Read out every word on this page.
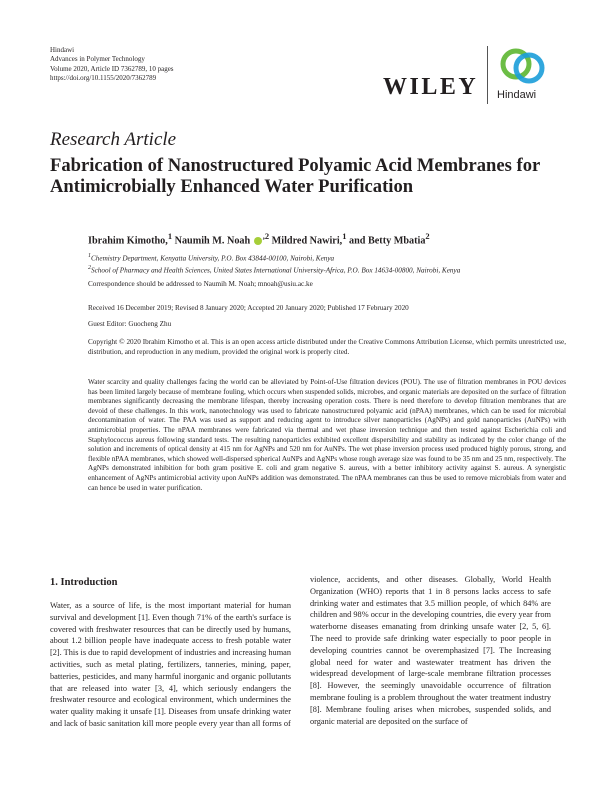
Hindawi
Advances in Polymer Technology
Volume 2020, Article ID 7362789, 10 pages
https://doi.org/10.1155/2020/7362789	WILEY Hindawi
Research Article
Fabrication of Nanostructured Polyamic Acid Membranes for Antimicrobially Enhanced Water Purification
Ibrahim Kimotho,$^1$ Naumih M. Noah $^{,2}$ Mildred Nawiri,$^1$ and Betty Mbatia$^2$
$^1$Chemistry Department, Kenyatta University, P.O. Box 43844-00100, Nairobi, Kenya
$^2$School of Pharmacy and Health Sciences, United States International University-Africa, P.O. Box 14634-00800, Nairobi, Kenya
Correspondence should be addressed to Naumih M. Noah; mnoah@usiu.ac.ke
Received 16 December 2019; Revised 8 January 2020; Accepted 20 January 2020; Published 17 February 2020
Guest Editor: Guocheng Zhu
Copyright © 2020 Ibrahim Kimotho et al. This is an open access article distributed under the Creative Commons Attribution License, which permits unrestricted use, distribution, and reproduction in any medium, provided the original work is properly cited.
Water scarcity and quality challenges facing the world can be alleviated by Point-of-Use filtration devices (POU). The use of filtration membranes in POU devices has been limited largely because of membrane fouling, which occurs when suspended solids, microbes, and organic materials are deposited on the surface of filtration membranes significantly decreasing the membrane lifespan, thereby increasing operation costs. There is need therefore to develop filtration membranes that are devoid of these challenges. In this work, nanotechnology was used to fabricate nanostructured polyamic acid (nPAA) membranes, which can be used for microbial decontamination of water. The PAA was used as support and reducing agent to introduce silver nanoparticles (AgNPs) and gold nanoparticles (AuNPs) with antimicrobial properties. The nPAA membranes were fabricated via thermal and wet phase inversion technique and then tested against Escherichia coli and Staphylococcus aureus following standard tests. The resulting nanoparticles exhibited excellent dispersibility and stability as indicated by the color change of the solution and increments of optical density at 415 nm for AgNPs and 520 nm for AuNPs. The wet phase inversion process used produced highly porous, strong, and flexible nPAA membranes, which showed well-dispersed spherical AuNPs and AgNPs whose rough average size was found to be 35 nm and 25 nm, respectively. The AgNPs demonstrated inhibition for both gram positive E. coli and gram negative S. aureus, with a better inhibitory activity against S. aureus. A synergistic enhancement of AgNPs antimicrobial activity upon AuNPs addition was demonstrated. The nPAA membranes can thus be used to remove microbials from water and can hence be used in water purification.
1. Introduction
Water, as a source of life, is the most important material for human survival and development [1]. Even though 71% of the earth's surface is covered with freshwater resources that can be directly used by humans, about 1.2 billion people have inadequate access to fresh potable water [2]. This is due to rapid development of industries and increasing human activities, such as metal plating, fertilizers, tanneries, mining, paper, batteries, pesticides, and many harmful inorganic and organic pollutants that are released into water [3, 4], which seriously endangers the freshwater resource and ecological environment, which undermines the water quality making it unsafe [1]. Diseases from unsafe drinking water and lack of basic sanitation kill more people every year than all forms of
violence, accidents, and other diseases. Globally, World Health Organization (WHO) reports that 1 in 8 persons lacks access to safe drinking water and estimates that 3.5 million people, of which 84% are children and 98% occur in the developing countries, die every year from waterborne diseases emanating from drinking unsafe water [2, 5, 6]. The need to provide safe drinking water especially to poor people in developing countries cannot be overemphasized [7]. The Increasing global need for water and wastewater treatment has driven the widespread development of large-scale membrane filtration processes [8]. However, the seemingly unavoidable occurrence of filtration membrane fouling is a problem throughout the water treatment industry [8]. Membrane fouling arises when microbes, suspended solids, and organic material are deposited on the surface of
